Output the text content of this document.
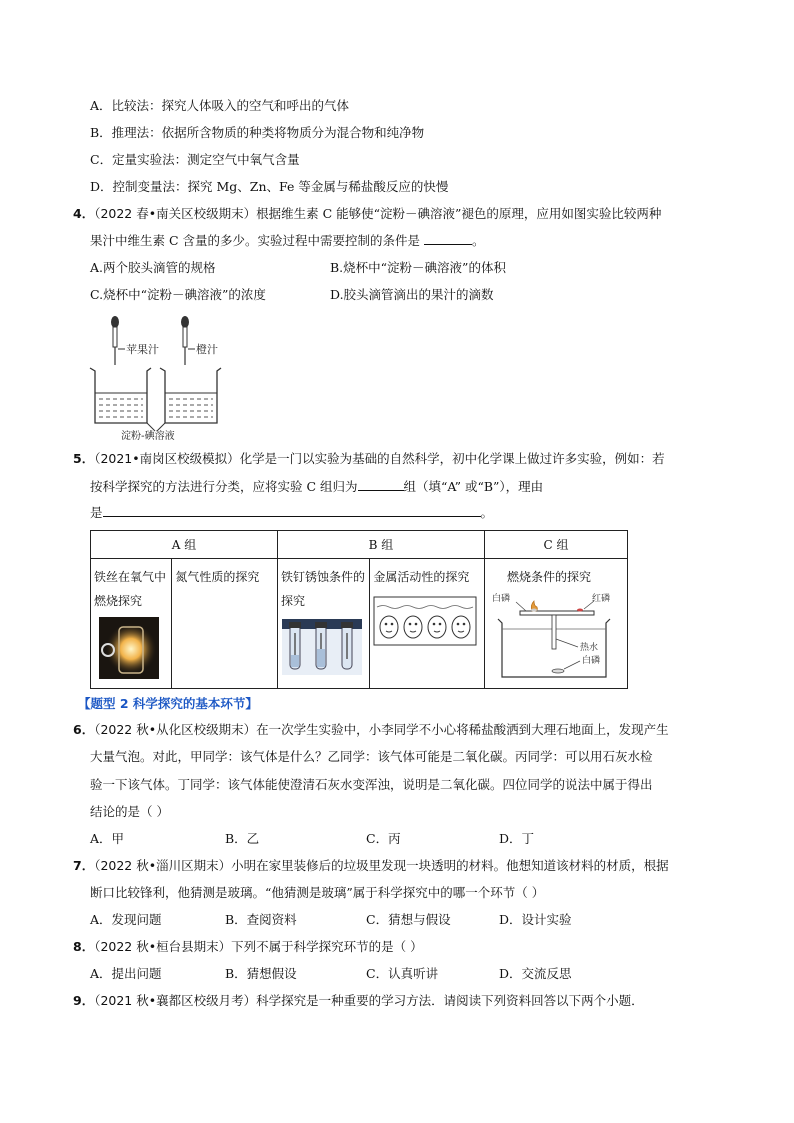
A．比较法：探究人体吸入的空气和呼出的气体
B．推理法：依据所含物质的种类将物质分为混合物和纯净物
C．定量实验法：测定空气中氧气含量
D．控制变量法：探究 Mg、Zn、Fe 等金属与稀盐酸反应的快慢
4．（2022 春•南关区校级期末）根据维生素 C 能够使“淀粉－碘溶液”褪色的原理，应用如图实验比较两种
果汁中维生素 C 含量的多少。实验过程中需要控制的条件是	。
A.两个胶头滴管的规格	B.烧杯中“淀粉－碘溶液”的体积
C.烧杯中“淀粉－碘溶液”的浓度	D.胶头滴管滴出的果汁的滴数
苹果汁	橙汁
淀粉-碘溶液
5．（2021•南岗区校级模拟）化学是一门以实验为基础的自然科学，初中化学课上做过许多实验，例如：若
按科学探究的方法进行分类，应将实验 C 组归为	组（填“A” 或“B”），理由
是	。
A 组		B 组		C 组

铁丝在氧气中燃烧探究	氮气性质的探究	铁钉锈蚀条件的探究	金属活动性的探究	燃烧条件的探究
白磷 红磷
热水
白磷
【题型 2 科学探究的基本环节】
6．（2022 秋•从化区校级期末）在一次学生实验中，小李同学不小心将稀盐酸洒到大理石地面上，发现产生
大量气泡。对此，甲同学：该气体是什么？乙同学：该气体可能是二氧化碳。丙同学：可以用石灰水检
验一下该气体。丁同学：该气体能使澄清石灰水变浑浊，说明是二氧化碳。四位同学的说法中属于得出
结论的是（ ）
A．甲	B．乙	C．丙	D．丁
7．（2022 秋•淄川区期末）小明在家里装修后的垃圾里发现一块透明的材料。他想知道该材料的材质，根据
断口比较锋利，他猜测是玻璃。“他猜测是玻璃”属于科学探究中的哪一个环节（ ）
A．发现问题	B．查阅资料	C．猜想与假设	D．设计实验
8．（2022 秋•桓台县期末）下列不属于科学探究环节的是（ ）
A．提出问题	B．猜想假设	C．认真听讲	D．交流反思
9．（2021 秋•襄都区校级月考）科学探究是一种重要的学习方法．请阅读下列资料回答以下两个小题．
